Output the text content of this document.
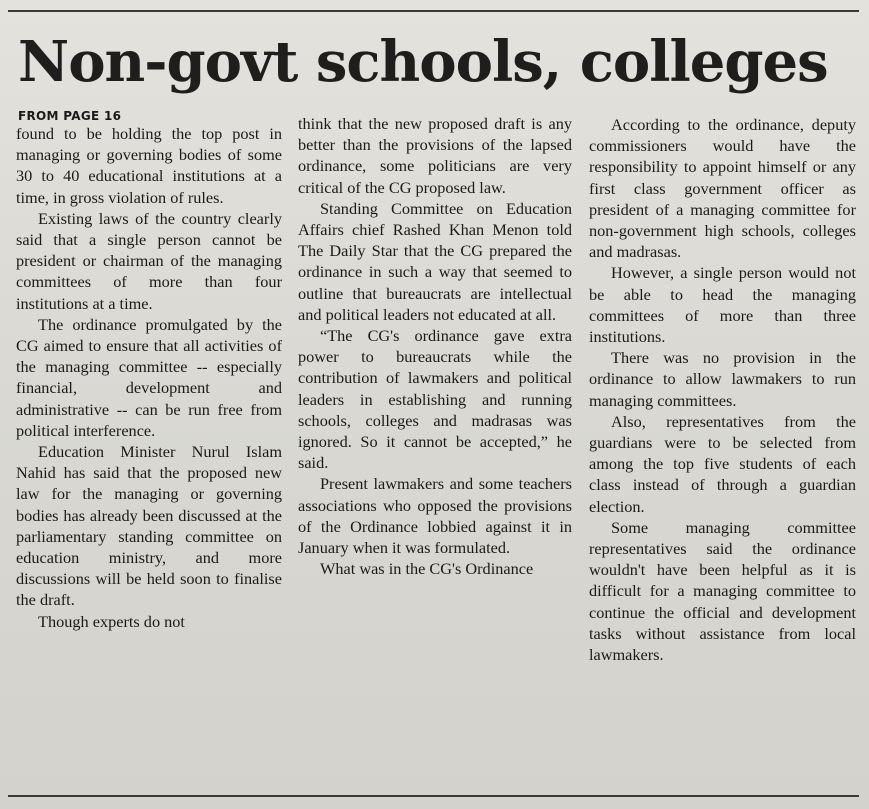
Non-govt schools, colleges
FROM PAGE 16

found to be holding the top post in managing or governing bodies of some 30 to 40 educational institutions at a time, in gross violation of rules.

Existing laws of the country clearly said that a single person cannot be president or chairman of the managing committees of more than four institutions at a time.

The ordinance promulgated by the CG aimed to ensure that all activities of the managing committee -- especially financial, development and administrative -- can be run free from political interference.

Education Minister Nurul Islam Nahid has said that the proposed new law for the managing or governing bodies has already been discussed at the parliamentary standing committee on education ministry, and more discussions will be held soon to finalise the draft.

Though experts do not

think that the new proposed draft is any better than the provisions of the lapsed ordinance, some politicians are very critical of the CG proposed law.

Standing Committee on Education Affairs chief Rashed Khan Menon told The Daily Star that the CG prepared the ordinance in such a way that seemed to outline that bureaucrats are intellectual and political leaders not educated at all.

“The CG's ordinance gave extra power to bureaucrats while the contribution of lawmakers and political leaders in establishing and running schools, colleges and madrasas was ignored. So it cannot be accepted,” he said.

Present lawmakers and some teachers associations who opposed the provisions of the Ordinance lobbied against it in January when it was formulated.

What was in the CG's Ordinance

According to the ordinance, deputy commissioners would have the responsibility to appoint himself or any first class government officer as president of a managing committee for non-government high schools, colleges and madrasas.

However, a single person would not be able to head the managing committees of more than three institutions.

There was no provision in the ordinance to allow lawmakers to run managing committees.

Also, representatives from the guardians were to be selected from among the top five students of each class instead of through a guardian election.

Some managing committee representatives said the ordinance wouldn't have been helpful as it is difficult for a managing committee to continue the official and development tasks without assistance from local lawmakers.
